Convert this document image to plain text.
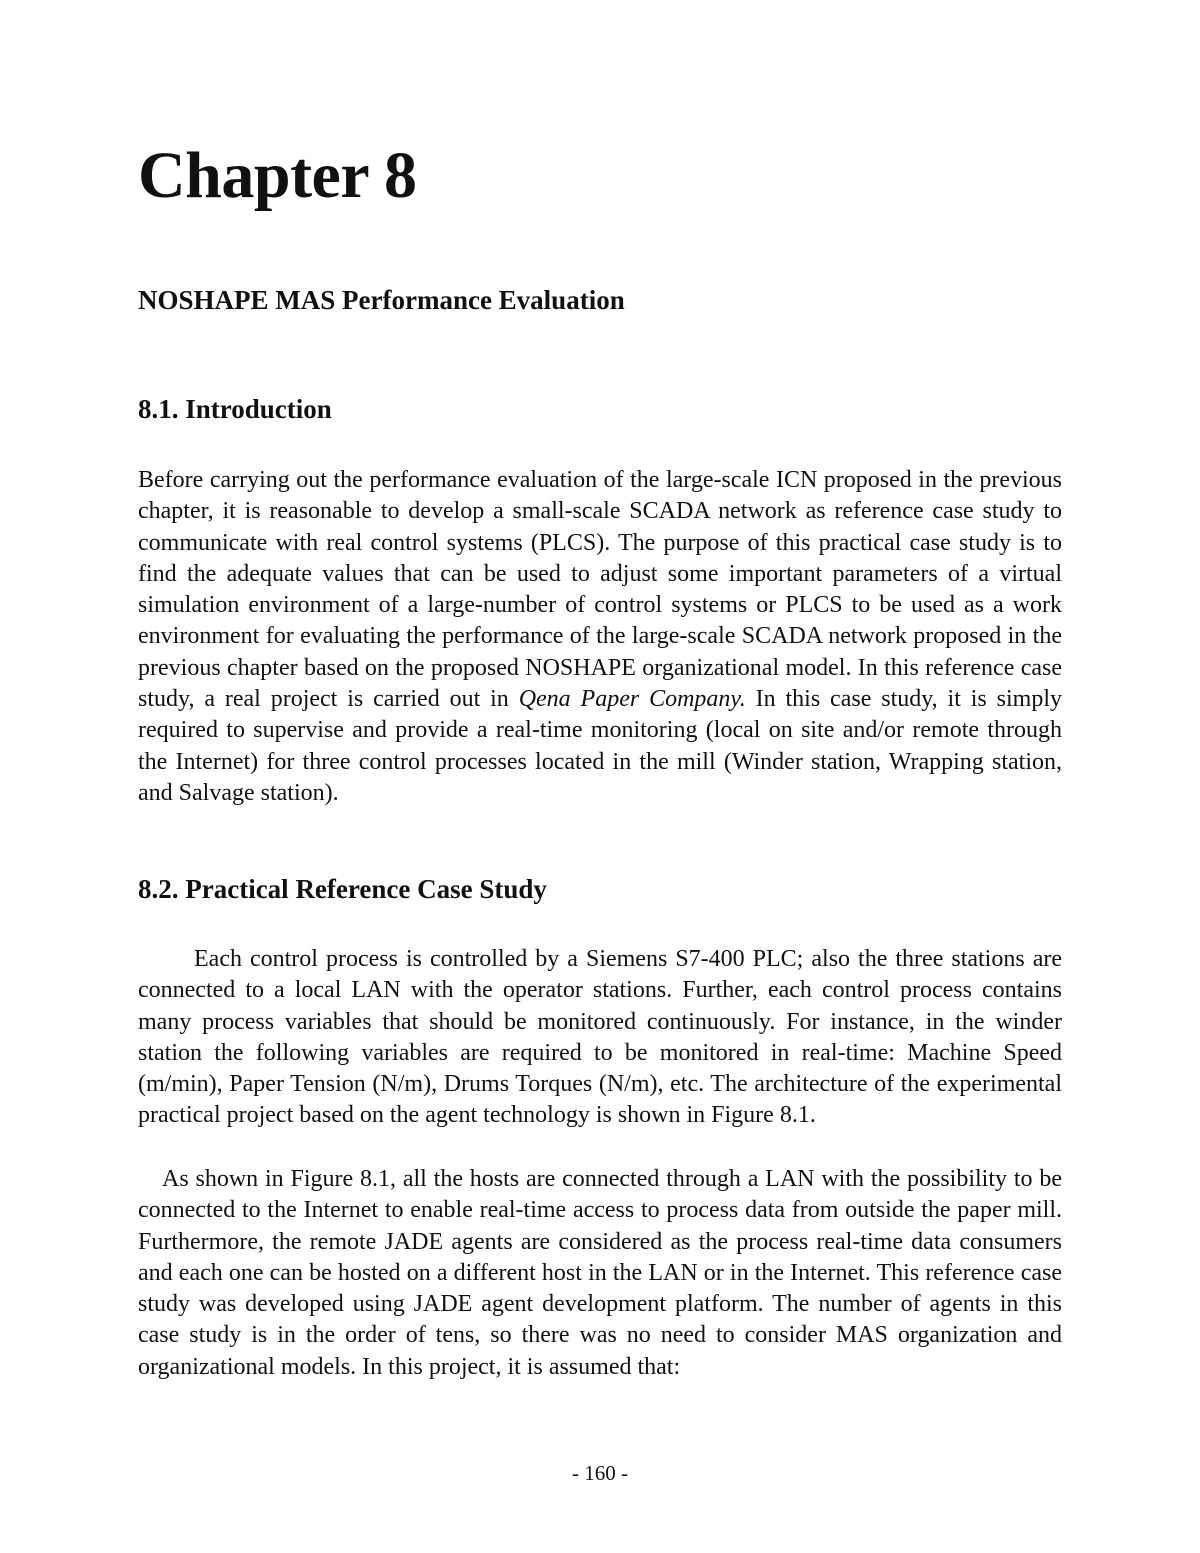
Chapter 8
NOSHAPE MAS Performance Evaluation
8.1. Introduction

Before carrying out the performance evaluation of the large-scale ICN proposed in the previous chapter, it is reasonable to develop a small-scale SCADA network as reference case study to communicate with real control systems (PLCS). The purpose of this practical case study is to find the adequate values that can be used to adjust some important parameters of a virtual simulation environment of a large-number of control systems or PLCS to be used as a work environment for evaluating the performance of the large-scale SCADA network proposed in the previous chapter based on the proposed NOSHAPE organizational model. In this reference case study, a real project is carried out in Qena Paper Company. In this case study, it is simply required to supervise and provide a real-time monitoring (local on site and/or remote through the Internet) for three control processes located in the mill (Winder station, Wrapping station, and Salvage station).

8.2. Practical Reference Case Study

Each control process is controlled by a Siemens S7-400 PLC; also the three stations are connected to a local LAN with the operator stations. Further, each control process contains many process variables that should be monitored continuously. For instance, in the winder station the following variables are required to be monitored in real-time: Machine Speed (m/min), Paper Tension (N/m), Drums Torques (N/m), etc. The architecture of the experimental practical project based on the agent technology is shown in Figure 8.1.

As shown in Figure 8.1, all the hosts are connected through a LAN with the possibility to be connected to the Internet to enable real-time access to process data from outside the paper mill. Furthermore, the remote JADE agents are considered as the process real-time data consumers and each one can be hosted on a different host in the LAN or in the Internet. This reference case study was developed using JADE agent development platform. The number of agents in this case study is in the order of tens, so there was no need to consider MAS organization and organizational models. In this project, it is assumed that:

- 160 -
